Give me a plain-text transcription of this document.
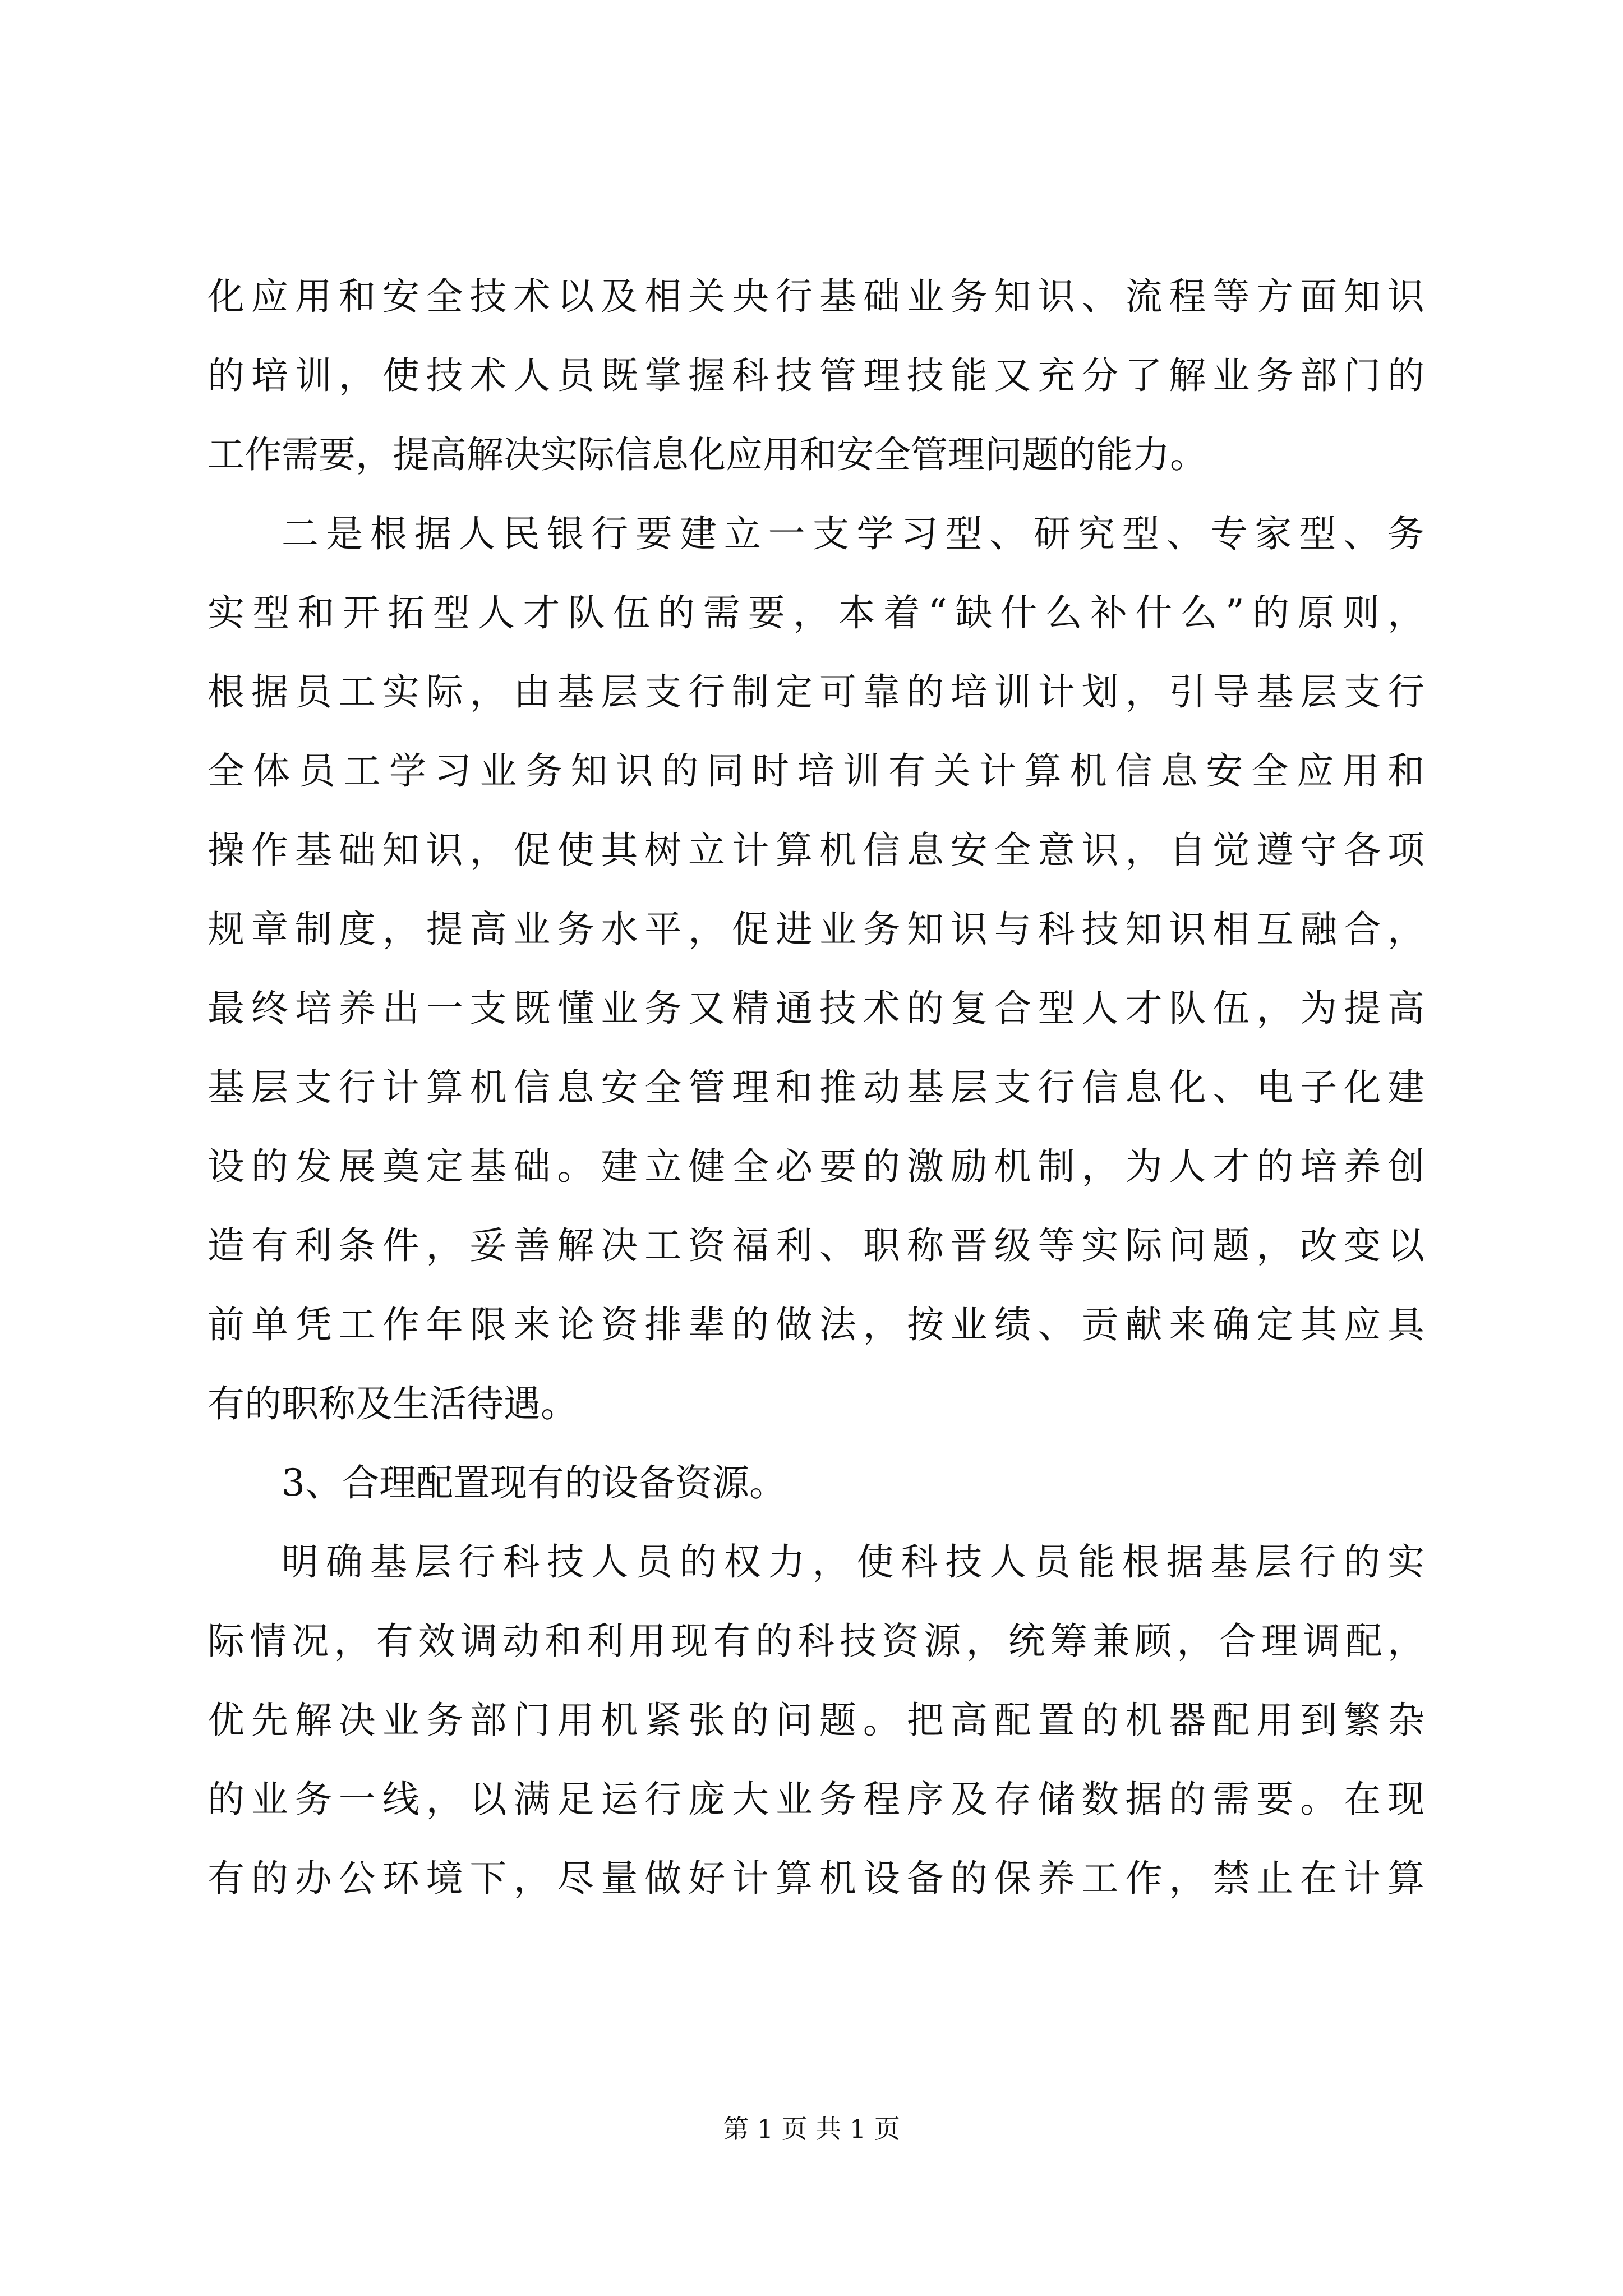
化应用和安全技术以及相关央行基础业务知识、流程等方面知识
的培训，使技术人员既掌握科技管理技能又充分了解业务部门的
工作需要，提高解决实际信息化应用和安全管理问题的能力。
二是根据人民银行要建立一支学习型、研究型、专家型、务
实型和开拓型人才队伍的需要，本着“缺什么补什么”的原则，
根据员工实际，由基层支行制定可靠的培训计划，引导基层支行
全体员工学习业务知识的同时培训有关计算机信息安全应用和
操作基础知识，促使其树立计算机信息安全意识，自觉遵守各项
规章制度，提高业务水平，促进业务知识与科技知识相互融合，
最终培养出一支既懂业务又精通技术的复合型人才队伍，为提高
基层支行计算机信息安全管理和推动基层支行信息化、电子化建
设的发展奠定基础。建立健全必要的激励机制，为人才的培养创
造有利条件，妥善解决工资福利、职称晋级等实际问题，改变以
前单凭工作年限来论资排辈的做法，按业绩、贡献来确定其应具
有的职称及生活待遇。
3、合理配置现有的设备资源。
明确基层行科技人员的权力，使科技人员能根据基层行的实
际情况，有效调动和利用现有的科技资源，统筹兼顾，合理调配，
优先解决业务部门用机紧张的问题。把高配置的机器配用到繁杂
的业务一线，以满足运行庞大业务程序及存储数据的需要。在现
有的办公环境下，尽量做好计算机设备的保养工作，禁止在计算
第 1 页 共 1 页
